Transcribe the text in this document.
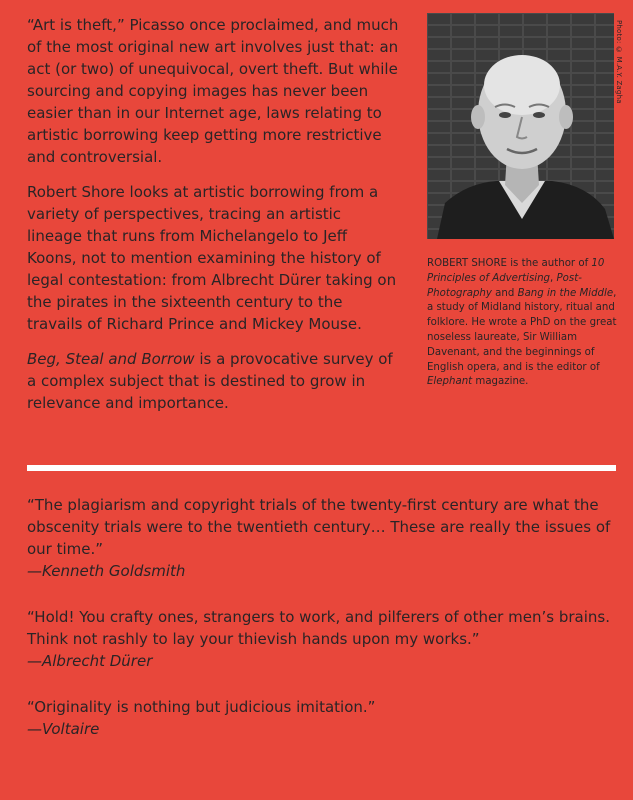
“Art is theft,” Picasso once proclaimed, and much of the most original new art involves just that: an act (or two) of unequivocal, overt theft. But while sourcing and copying images has never been easier than in our Internet age, laws relating to artistic borrowing keep getting more restrictive and controversial.

Robert Shore looks at artistic borrowing from a variety of perspectives, tracing an artistic lineage that runs from Michelangelo to Jeff Koons, not to mention examining the history of legal contestation: from Albrecht Dürer taking on the pirates in the sixteenth century to the travails of Richard Prince and Mickey Mouse.

Beg, Steal and Borrow is a provocative survey of a complex subject that is destined to grow in relevance and importance.

Photo: © M.A.Y. Zagha
ROBERT SHORE is the author of 10 Principles of Advertising, Post-Photography and Bang in the Middle, a study of Midland history, ritual and folklore. He wrote a PhD on the great noseless laureate, Sir William Davenant, and the beginnings of English opera, and is the editor of Elephant magazine.
“The plagiarism and copyright trials of the twenty-first century are what the obscenity trials were to the twentieth century… These are really the issues of our time.”
—Kenneth Goldsmith
“Hold! You crafty ones, strangers to work, and pilferers of other men’s brains. Think not rashly to lay your thievish hands upon my works.”
—Albrecht Dürer
“Originality is nothing but judicious imitation.”
—Voltaire
